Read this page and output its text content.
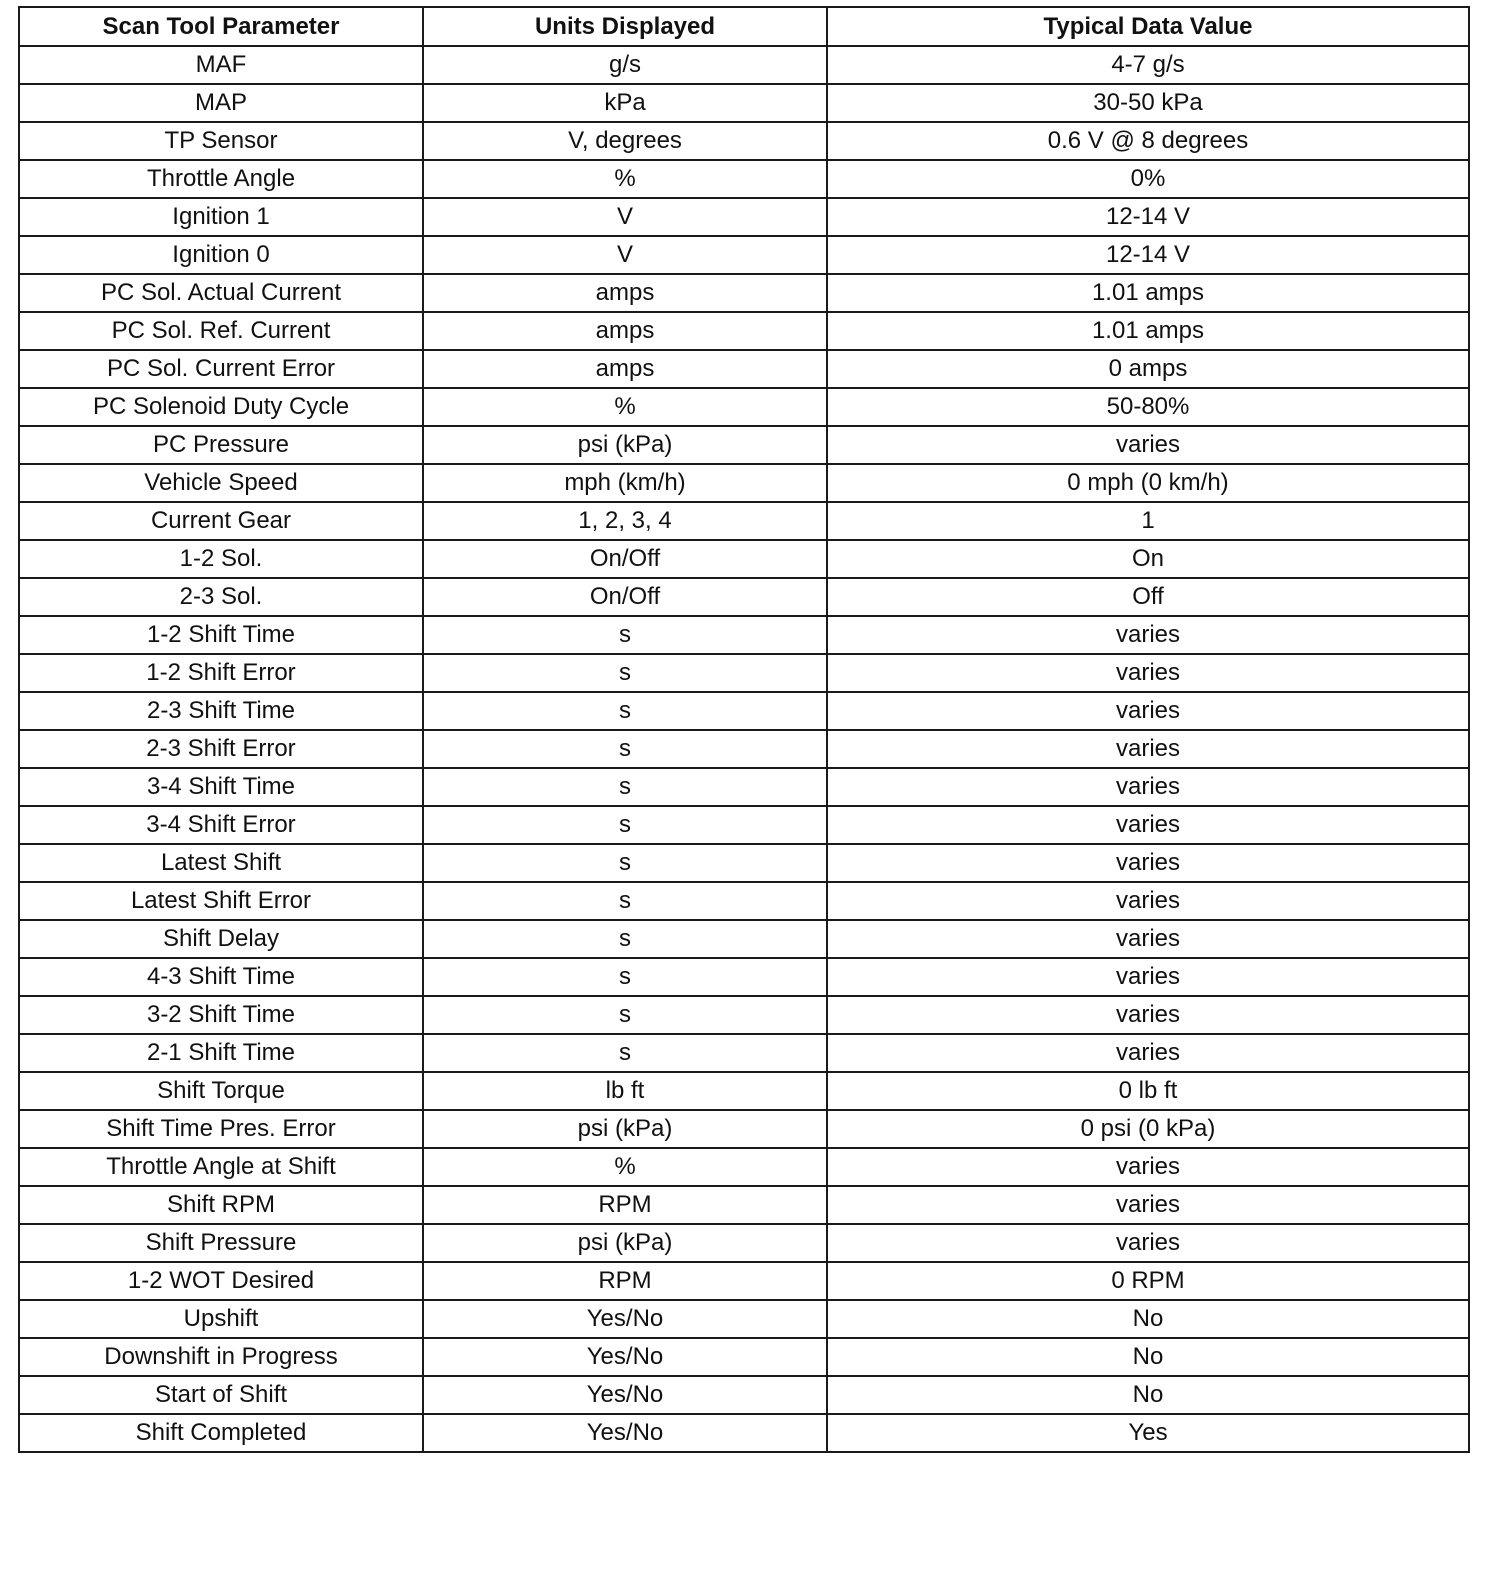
Scan Tool Parameter	Units Displayed	Typical Data Value
MAF	g/s	4-7 g/s
MAP	kPa	30-50 kPa
TP Sensor	V, degrees	0.6 V @ 8 degrees
Throttle Angle	%	0%
Ignition 1	V	12-14 V
Ignition 0	V	12-14 V
PC Sol. Actual Current	amps	1.01 amps
PC Sol. Ref. Current	amps	1.01 amps
PC Sol. Current Error	amps	0 amps
PC Solenoid Duty Cycle	%	50-80%
PC Pressure	psi (kPa)	varies
Vehicle Speed	mph (km/h)	0 mph (0 km/h)
Current Gear	1, 2, 3, 4	1
1-2 Sol.	On/Off	On
2-3 Sol.	On/Off	Off
1-2 Shift Time	s	varies
1-2 Shift Error	s	varies
2-3 Shift Time	s	varies
2-3 Shift Error	s	varies
3-4 Shift Time	s	varies
3-4 Shift Error	s	varies
Latest Shift	s	varies
Latest Shift Error	s	varies
Shift Delay	s	varies
4-3 Shift Time	s	varies
3-2 Shift Time	s	varies
2-1 Shift Time	s	varies
Shift Torque	lb ft	0 lb ft
Shift Time Pres. Error	psi (kPa)	0 psi (0 kPa)
Throttle Angle at Shift	%	varies
Shift RPM	RPM	varies
Shift Pressure	psi (kPa)	varies
1-2 WOT Desired	RPM	0 RPM
Upshift	Yes/No	No
Downshift in Progress	Yes/No	No
Start of Shift	Yes/No	No
Shift Completed	Yes/No	Yes
